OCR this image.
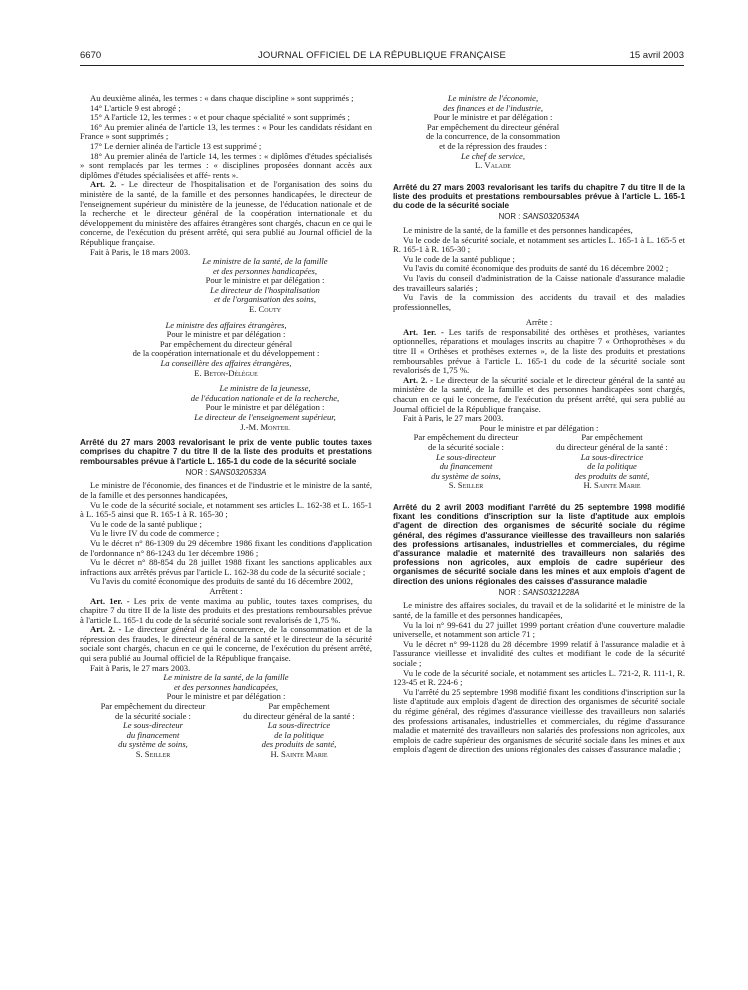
6670	JOURNAL OFFICIEL DE LA RÉPUBLIQUE FRANÇAISE	15 avril 2003

Au deuxième alinéa, les termes : « dans chaque discipline » sont supprimés ;

14° L'article 9 est abrogé ;

15° A l'article 12, les termes : « et pour chaque spécialité » sont supprimés ;

16° Au premier alinéa de l'article 13, les termes : « Pour les candidats résidant en France » sont supprimés ;

17° Le dernier alinéa de l'article 13 est supprimé ;

18° Au premier alinéa de l'article 14, les termes : « diplômes d'études spécialisés » sont remplacés par les termes : « disciplines proposées donnant accès aux diplômes d'études spécialisées et affé- rents ».

Art. 2. - Le directeur de l'hospitalisation et de l'organisation des soins du ministère de la santé, de la famille et des personnes handicapées, le directeur de l'enseignement supérieur du ministère de la jeunesse, de l'éducation nationale et de la recherche et le directeur général de la coopération internationale et du développement du ministère des affaires étrangères sont chargés, chacun en ce qui le concerne, de l'exécution du présent arrêté, qui sera publié au Journal officiel de la République française.

Fait à Paris, le 18 mars 2003.

Le ministre de la santé, de la famille

et des personnes handicapées,

Pour le ministre et par délégation :

Le directeur de l'hospitalisation

et de l'organisation des soins,

E. Couty

Le ministre des affaires étrangères,

Pour le ministre et par délégation :

Par empêchement du directeur général

de la coopération internationale et du développement :

La conseillère des affaires étrangères,

E. Beton-Délègue

Le ministre de la jeunesse,

de l'éducation nationale et de la recherche,

Pour le ministre et par délégation :

Le directeur de l'enseignement supérieur,

J.-M. Monteil

Arrêté du 27 mars 2003 revalorisant le prix de vente public toutes taxes comprises du chapitre 7 du titre II de la liste des produits et prestations remboursables prévue à l'article L. 165-1 du code de la sécurité sociale

NOR : SANS0320533A

Le ministre de l'économie, des finances et de l'industrie et le ministre de la santé, de la famille et des personnes handicapées,

Vu le code de la sécurité sociale, et notamment ses articles L. 162-38 et L. 165-1 à L. 165-5 ainsi que R. 165-1 à R. 165-30 ;

Vu le code de la santé publique ;

Vu le livre IV du code de commerce ;

Vu le décret n° 86-1309 du 29 décembre 1986 fixant les conditions d'application de l'ordonnance n° 86-1243 du 1er décembre 1986 ;

Vu le décret n° 88-854 du 28 juillet 1988 fixant les sanctions applicables aux infractions aux arrêtés prévus par l'article L. 162-38 du code de la sécurité sociale ;

Vu l'avis du comité économique des produits de santé du 16 décembre 2002,

Arrêtent :

Art. 1er. - Les prix de vente maxima au public, toutes taxes comprises, du chapitre 7 du titre II de la liste des produits et des prestations remboursables prévue à l'article L. 165-1 du code de la sécurité sociale sont revalorisés de 1,75 %.

Art. 2. - Le directeur général de la concurrence, de la consommation et de la répression des fraudes, le directeur général de la santé et le directeur de la sécurité sociale sont chargés, chacun en ce qui le concerne, de l'exécution du présent arrêté, qui sera publié au Journal officiel de la République française.

Fait à Paris, le 27 mars 2003.

Le ministre de la santé, de la famille

et des personnes handicapées,

Pour le ministre et par délégation :

Par empêchement du directeur

de la sécurité sociale :

Le sous-directeur

du financement

du système de soins,

S. Seiller

Par empêchement

du directeur général de la santé :

La sous-directrice

de la politique

des produits de santé,

H. Sainte Marie

Le ministre de l'économie,

des finances et de l'industrie,

Pour le ministre et par délégation :

Par empêchement du directeur général

de la concurrence, de la consommation

et de la répression des fraudes :

Le chef de service,

L. Valade

Arrêté du 27 mars 2003 revalorisant les tarifs du chapitre 7 du titre II de la liste des produits et prestations remboursables prévue à l'article L. 165-1 du code de la sécurité sociale

NOR : SANS0320534A

Le ministre de la santé, de la famille et des personnes handicapées,

Vu le code de la sécurité sociale, et notamment ses articles L. 165-1 à L. 165-5 et R. 165-1 à R. 165-30 ;

Vu le code de la santé publique ;

Vu l'avis du comité économique des produits de santé du 16 décembre 2002 ;

Vu l'avis du conseil d'administration de la Caisse nationale d'assurance maladie des travailleurs salariés ;

Vu l'avis de la commission des accidents du travail et des maladies professionnelles,

Arrête :

Art. 1er. - Les tarifs de responsabilité des orthèses et prothèses, variantes optionnelles, réparations et moulages inscrits au chapitre 7 « Orthoprothèses » du titre II « Orthèses et prothèses externes », de la liste des produits et prestations remboursables prévue à l'article L. 165-1 du code de la sécurité sociale sont revalorisés de 1,75 %.

Art. 2. - Le directeur de la sécurité sociale et le directeur général de la santé au ministère de la santé, de la famille et des personnes handicapées sont chargés, chacun en ce qui le concerne, de l'exécution du présent arrêté, qui sera publié au Journal officiel de la République française.

Fait à Paris, le 27 mars 2003.

Pour le ministre et par délégation :

Par empêchement du directeur

de la sécurité sociale :

Le sous-directeur

du financement

du système de soins,

S. Seiller

Par empêchement

du directeur général de la santé :

La sous-directrice

de la politique

des produits de santé,

H. Sainte Marie

Arrêté du 2 avril 2003 modifiant l'arrêté du 25 septembre 1998 modifié fixant les conditions d'inscription sur la liste d'aptitude aux emplois d'agent de direction des organismes de sécurité sociale du régime général, des régimes d'assurance vieillesse des travailleurs non salariés des professions artisanales, industrielles et commerciales, du régime d'assurance maladie et maternité des travailleurs non salariés des professions non agricoles, aux emplois de cadre supérieur des organismes de sécurité sociale dans les mines et aux emplois d'agent de direction des unions régionales des caisses d'assurance maladie

NOR : SANS0321228A

Le ministre des affaires sociales, du travail et de la solidarité et le ministre de la santé, de la famille et des personnes handicapées,

Vu la loi n° 99-641 du 27 juillet 1999 portant création d'une couverture maladie universelle, et notamment son article 71 ;

Vu le décret n° 99-1128 du 28 décembre 1999 relatif à l'assurance maladie et à l'assurance vieillesse et invalidité des cultes et modifiant le code de la sécurité sociale ;

Vu le code de la sécurité sociale, et notamment ses articles L. 721-2, R. 111-1, R. 123-45 et R. 224-6 ;

Vu l'arrêté du 25 septembre 1998 modifié fixant les conditions d'inscription sur la liste d'aptitude aux emplois d'agent de direction des organismes de sécurité sociale du régime général, des régimes d'assurance vieillesse des travailleurs non salariés des professions artisanales, industrielles et commerciales, du régime d'assurance maladie et maternité des travailleurs non salariés des professions non agricoles, aux emplois de cadre supérieur des organismes de sécurité sociale dans les mines et aux emplois d'agent de direction des unions régionales des caisses d'assurance maladie ;
